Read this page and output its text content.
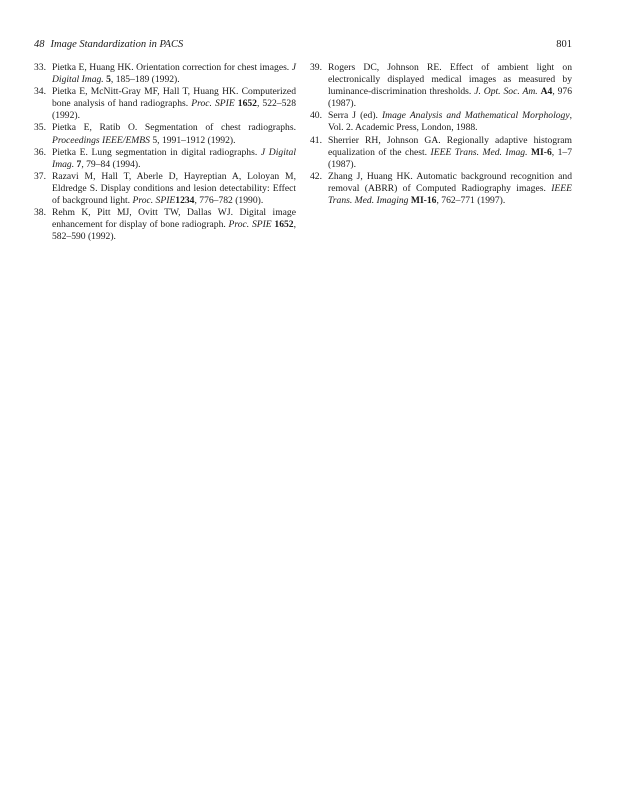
48 Image Standardization in PACS	801
33. Pietka E, Huang HK. Orientation correction for chest images. J Digital Imag. 5, 185–189 (1992).
34. Pietka E, McNitt-Gray MF, Hall T, Huang HK. Computerized bone analysis of hand radiographs. Proc. SPIE 1652, 522–528 (1992).
35. Pietka E, Ratib O. Segmentation of chest radiographs. Proceedings IEEE/EMBS 5, 1991–1912 (1992).
36. Pietka E. Lung segmentation in digital radiographs. J Digital Imag. 7, 79–84 (1994).
37. Razavi M, Hall T, Aberle D, Hayreptian A, Loloyan M, Eldredge S. Display conditions and lesion detectability: Effect of background light. Proc. SPIE1234, 776–782 (1990).
38. Rehm K, Pitt MJ, Ovitt TW, Dallas WJ. Digital image enhancement for display of bone radiograph. Proc. SPIE 1652, 582–590 (1992).
39. Rogers DC, Johnson RE. Effect of ambient light on electronically displayed medical images as measured by luminance-discrimination thresholds. J. Opt. Soc. Am. A4, 976 (1987).
40. Serra J (ed). Image Analysis and Mathematical Morphology, Vol. 2. Academic Press, London, 1988.
41. Sherrier RH, Johnson GA. Regionally adaptive histogram equalization of the chest. IEEE Trans. Med. Imag. MI-6, 1–7 (1987).
42. Zhang J, Huang HK. Automatic background recognition and removal (ABRR) of Computed Radiography images. IEEE Trans. Med. Imaging MI-16, 762–771 (1997).
